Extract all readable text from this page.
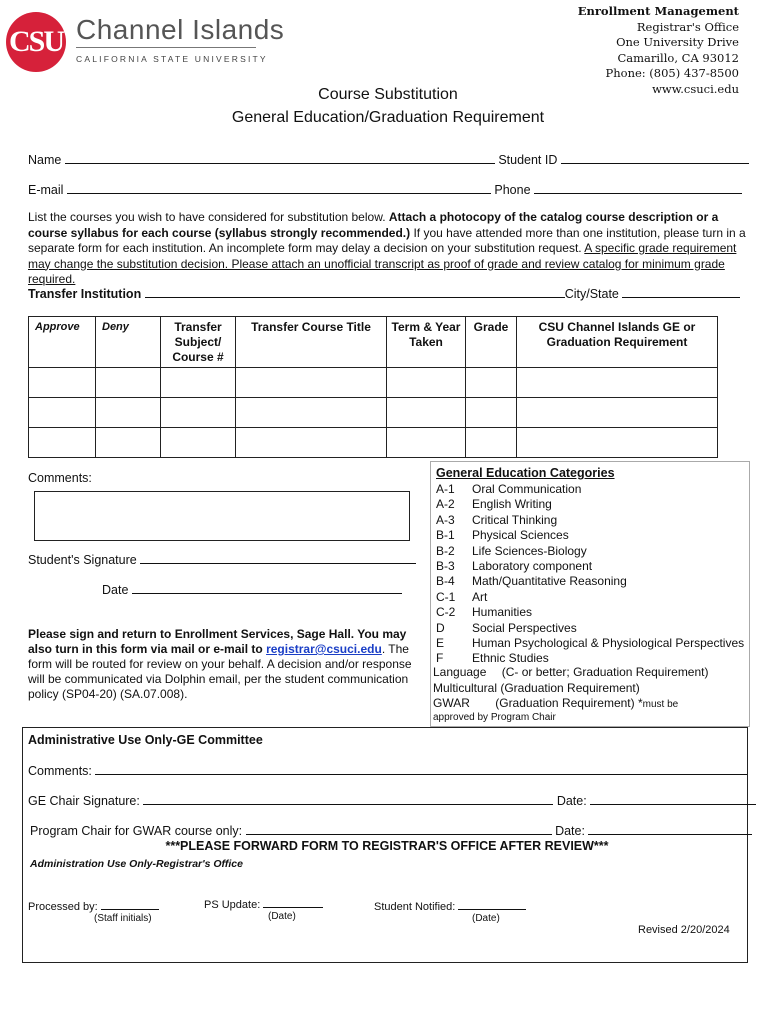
CSU Channel Islands
CALIFORNIA STATE UNIVERSITY
Enrollment Management
Registrar's Office
One University Drive
Camarillo, CA 93012
Phone: (805) 437-8500
www.csuci.edu
Course Substitution
General Education/Graduation Requirement
Name	Student ID
E-mail	Phone
List the courses you wish to have considered for substitution below. Attach a photocopy of the catalog course description or a course syllabus for each course (syllabus strongly recommended.) If you have attended more than one institution, please turn in a separate form for each institution. An incomplete form may delay a decision on your substitution request. A specific grade requirement may change the substitution decision. Please attach an unofficial transcript as proof of grade and review catalog for minimum grade required.
Transfer Institution	City/State
Approve	Deny	Transfer Subject/ Course #	Transfer Course Title	Term & Year Taken	Grade	CSU Channel Islands GE or Graduation Requirement

Comments:
Student's Signature
Date
Please sign and return to Enrollment Services, Sage Hall. You may also turn in this form via mail or e-mail to registrar@csuci.edu. The form will be routed for review on your behalf. A decision and/or response will be communicated via Dolphin email, per the student communication policy (SP04-20) (SA.07.008).
General Education Categories
A-1 Oral Communication
A-2 English Writing
A-3 Critical Thinking
B-1 Physical Sciences
B-2 Life Sciences-Biology
B-3 Laboratory component
B-4 Math/Quantitative Reasoning
C-1 Art
C-2 Humanities
D Social Perspectives
E Human Psychological & Physiological Perspectives
F Ethnic Studies
Language (C- or better; Graduation Requirement)
Multicultural (Graduation Requirement)
GWAR (Graduation Requirement) *must be
approved by Program Chair
Administrative Use Only-GE Committee
Comments:
GE Chair Signature:	Date:
Program Chair for GWAR course only:	Date:
***PLEASE FORWARD FORM TO REGISTRAR'S OFFICE AFTER REVIEW***
Administration Use Only-Registrar's Office
Processed by:
(Staff initials)
PS Update:
(Date)
Student Notified:
(Date)
Revised 2/20/2024
